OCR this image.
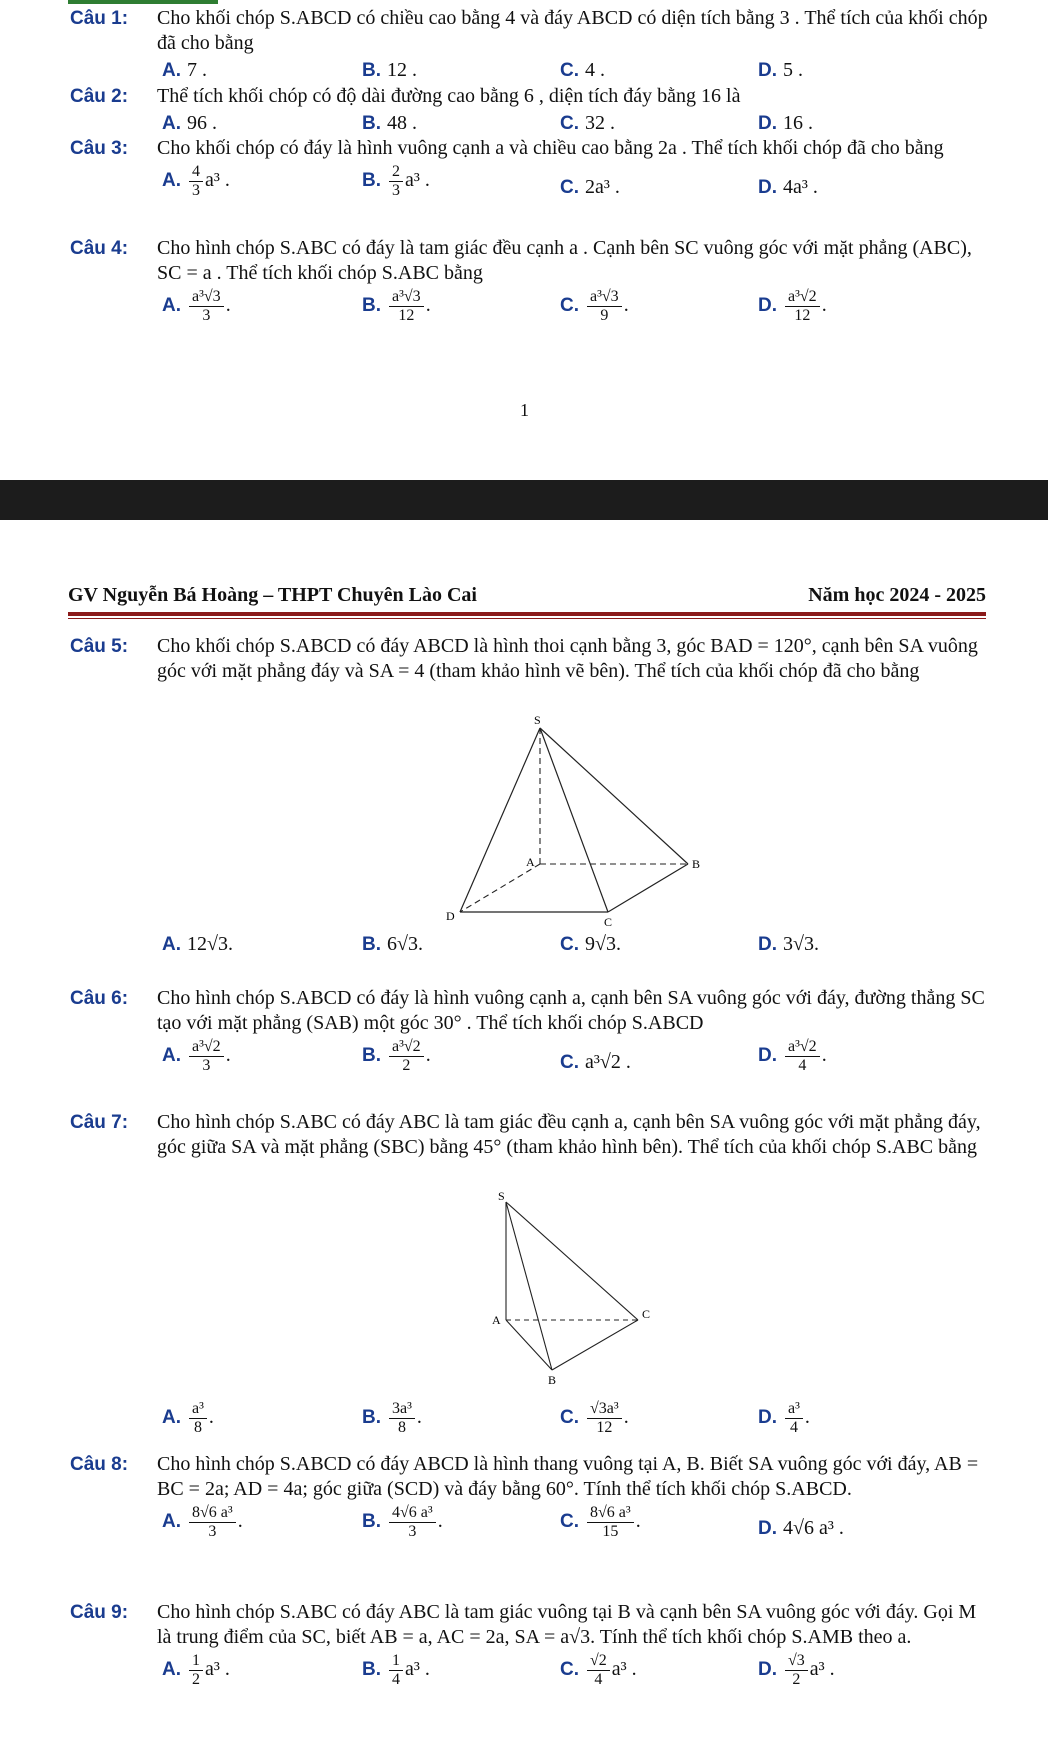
Câu 1: Cho khối chóp S.ABCD có chiều cao bằng 4 và đáy ABCD có diện tích bằng 3 . Thể tích của khối chóp đã cho bằng
A. 7 .	B. 12 .	C. 4 .	D. 5 .
Câu 2: Thể tích khối chóp có độ dài đường cao bằng 6 , diện tích đáy bằng 16 là
A. 96 .	B. 48 .	C. 32 .	D. 16 .
Câu 3: Cho khối chóp có đáy là hình vuông cạnh a và chiều cao bằng 2a . Thể tích khối chóp đã cho bằng
A. $\frac{4}{3} a^3$ .	B. $\frac{2}{3} a^3$ .	C. 2a³ .	D. 4a³ .
Câu 4: Cho hình chóp S.ABC có đáy là tam giác đều cạnh a . Cạnh bên SC vuông góc với mặt phẳng (ABC), SC = a . Thể tích khối chóp S.ABC bằng
A. $\frac{\text{a³√3}}{3}$ .	B. $\frac{\text{a³√3}}{12}$ .	C. $\frac{\text{a³√3}}{9}$ .	D. $\frac{\text{a³√2}}{12}$ .
1
GV Nguyễn Bá Hoàng – THPT Chuyên Lào Cai	Năm học 2024 - 2025
Câu 5: Cho khối chóp S.ABCD có đáy ABCD là hình thoi cạnh bằng 3, góc BAD = 120°, cạnh bên SA vuông góc với mặt phẳng đáy và SA = 4 (tham khảo hình vẽ bên). Thể tích của khối chóp đã cho bằng
S
A	B
C
D
A. 12√3.	B. 6√3.	C. 9√3.	D. 3√3.
Câu 6: Cho hình chóp S.ABCD có đáy là hình vuông cạnh a, cạnh bên SA vuông góc với đáy, đường thẳng SC tạo với mặt phẳng (SAB) một góc 30° . Thể tích khối chóp S.ABCD
A. $\frac{\text{a³√2}}{3}$ .	B. $\frac{\text{a³√2}}{2}$ .	C. a³√2 .	D. $\frac{\text{a³√2}}{4}$ .
Câu 7: Cho hình chóp S.ABC có đáy ABC là tam giác đều cạnh a, cạnh bên SA vuông góc với mặt phẳng đáy, góc giữa SA và mặt phẳng (SBC) bằng 45° (tham khảo hình bên). Thể tích của khối chóp S.ABC bằng
S
A
B
C
A. $\frac{\text{a³}}{8}$ .	B. $\frac{\text{3a³}}{8}$ .	C. $\frac{\text{√3a³}}{12}$ .	D. $\frac{\text{a³}}{4}$ .
Câu 8: Cho hình chóp S.ABCD có đáy ABCD là hình thang vuông tại A, B. Biết SA vuông góc với đáy, AB = BC = 2a; AD = 4a; góc giữa (SCD) và đáy bằng 60°. Tính thể tích khối chóp S.ABCD.
A. $\frac{\text{8√6 a³}}{3}$ .	B. $\frac{\text{4√6 a³}}{3}$ .	C. $\frac{\text{8√6 a³}}{15}$ .	D. 4√6 a³ .
Câu 9: Cho hình chóp S.ABC có đáy ABC là tam giác vuông tại B và cạnh bên SA vuông góc với đáy. Gọi M là trung điểm của SC, biết AB = a, AC = 2a, SA = a√3. Tính thể tích khối chóp S.AMB theo a.
A. $\frac{1}{2} a^3$ .	B. $\frac{1}{4} a^3$ .	C. $\frac{√2}{4} a^3$ .	D. $\frac{√3}{2} a^3$ .
